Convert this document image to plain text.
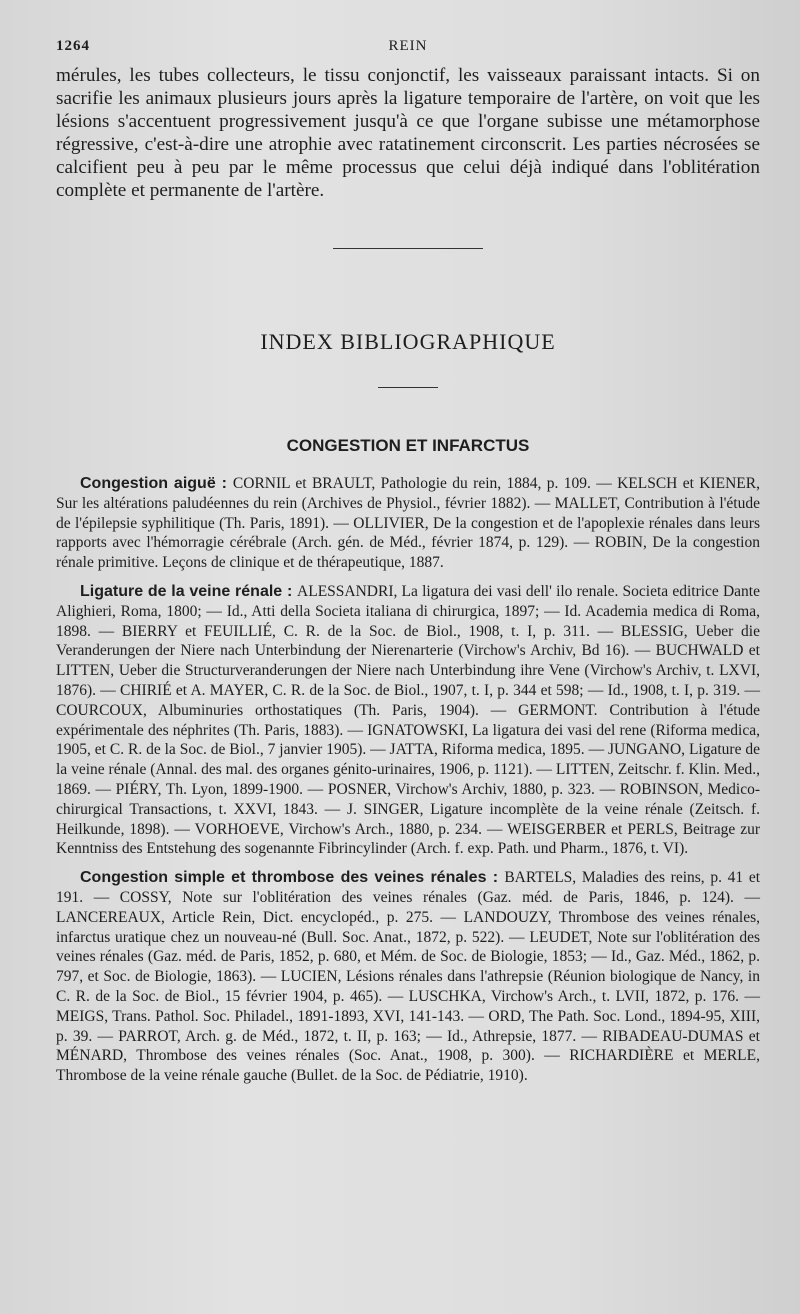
1264	REIN

mérules, les tubes collecteurs, le tissu conjonctif, les vaisseaux paraissant intacts. Si on sacrifie les animaux plusieurs jours après la ligature temporaire de l'artère, on voit que les lésions s'accentuent progressivement jusqu'à ce que l'organe subisse une métamorphose régressive, c'est-à-dire une atrophie avec ratatinement circonscrit. Les parties nécrosées se calcifient peu à peu par le même processus que celui déjà indiqué dans l'oblitération complète et permanente de l'artère.

INDEX BIBLIOGRAPHIQUE
CONGESTION ET INFARCTUS

Congestion aiguë : CORNIL et BRAULT, Pathologie du rein, 1884, p. 109. — KELSCH et KIENER, Sur les altérations paludéennes du rein (Archives de Physiol., février 1882). — MALLET, Contribution à l'étude de l'épilepsie syphilitique (Th. Paris, 1891). — OLLIVIER, De la congestion et de l'apoplexie rénales dans leurs rapports avec l'hémorragie cérébrale (Arch. gén. de Méd., février 1874, p. 129). — ROBIN, De la congestion rénale primitive. Leçons de clinique et de thérapeutique, 1887.

Ligature de la veine rénale : ALESSANDRI, La ligatura dei vasi dell' ilo renale. Societa editrice Dante Alighieri, Roma, 1800; — Id., Atti della Societa italiana di chirurgica, 1897; — Id. Academia medica di Roma, 1898. — BIERRY et FEUILLIÉ, C. R. de la Soc. de Biol., 1908, t. I, p. 311. — BLESSIG, Ueber die Veranderungen der Niere nach Unterbindung der Nierenarterie (Virchow's Archiv, Bd 16). — BUCHWALD et LITTEN, Ueber die Structurveranderungen der Niere nach Unterbindung ihre Vene (Virchow's Archiv, t. LXVI, 1876). — CHIRIÉ et A. MAYER, C. R. de la Soc. de Biol., 1907, t. I, p. 344 et 598; — Id., 1908, t. I, p. 319. — COURCOUX, Albuminuries orthostatiques (Th. Paris, 1904). — GERMONT. Contribution à l'étude expérimentale des néphrites (Th. Paris, 1883). — IGNATOWSKI, La ligatura dei vasi del rene (Riforma medica, 1905, et C. R. de la Soc. de Biol., 7 janvier 1905). — JATTA, Riforma medica, 1895. — JUNGANO, Ligature de la veine rénale (Annal. des mal. des organes génito-urinaires, 1906, p. 1121). — LITTEN, Zeitschr. f. Klin. Med., 1869. — PIÉRY, Th. Lyon, 1899-1900. — POSNER, Virchow's Archiv, 1880, p. 323. — ROBINSON, Medico-chirurgical Transactions, t. XXVI, 1843. — J. SINGER, Ligature incomplète de la veine rénale (Zeitsch. f. Heilkunde, 1898). — VORHOEVE, Virchow's Arch., 1880, p. 234. — WEISGERBER et PERLS, Beitrage zur Kenntniss des Entstehung des sogenannte Fibrincylinder (Arch. f. exp. Path. und Pharm., 1876, t. VI).

Congestion simple et thrombose des veines rénales : BARTELS, Maladies des reins, p. 41 et 191. — COSSY, Note sur l'oblitération des veines rénales (Gaz. méd. de Paris, 1846, p. 124). — LANCEREAUX, Article Rein, Dict. encyclopéd., p. 275. — LANDOUZY, Thrombose des veines rénales, infarctus uratique chez un nouveau-né (Bull. Soc. Anat., 1872, p. 522). — LEUDET, Note sur l'oblitération des veines rénales (Gaz. méd. de Paris, 1852, p. 680, et Mém. de Soc. de Biologie, 1853; — Id., Gaz. Méd., 1862, p. 797, et Soc. de Biologie, 1863). — LUCIEN, Lésions rénales dans l'athrepsie (Réunion biologique de Nancy, in C. R. de la Soc. de Biol., 15 février 1904, p. 465). — LUSCHKA, Virchow's Arch., t. LVII, 1872, p. 176. — MEIGS, Trans. Pathol. Soc. Philadel., 1891-1893, XVI, 141-143. — ORD, The Path. Soc. Lond., 1894-95, XIII, p. 39. — PARROT, Arch. g. de Méd., 1872, t. II, p. 163; — Id., Athrepsie, 1877. — RIBADEAU-DUMAS et MÉNARD, Thrombose des veines rénales (Soc. Anat., 1908, p. 300). — RICHARDIÈRE et MERLE, Thrombose de la veine rénale gauche (Bullet. de la Soc. de Pédiatrie, 1910).
